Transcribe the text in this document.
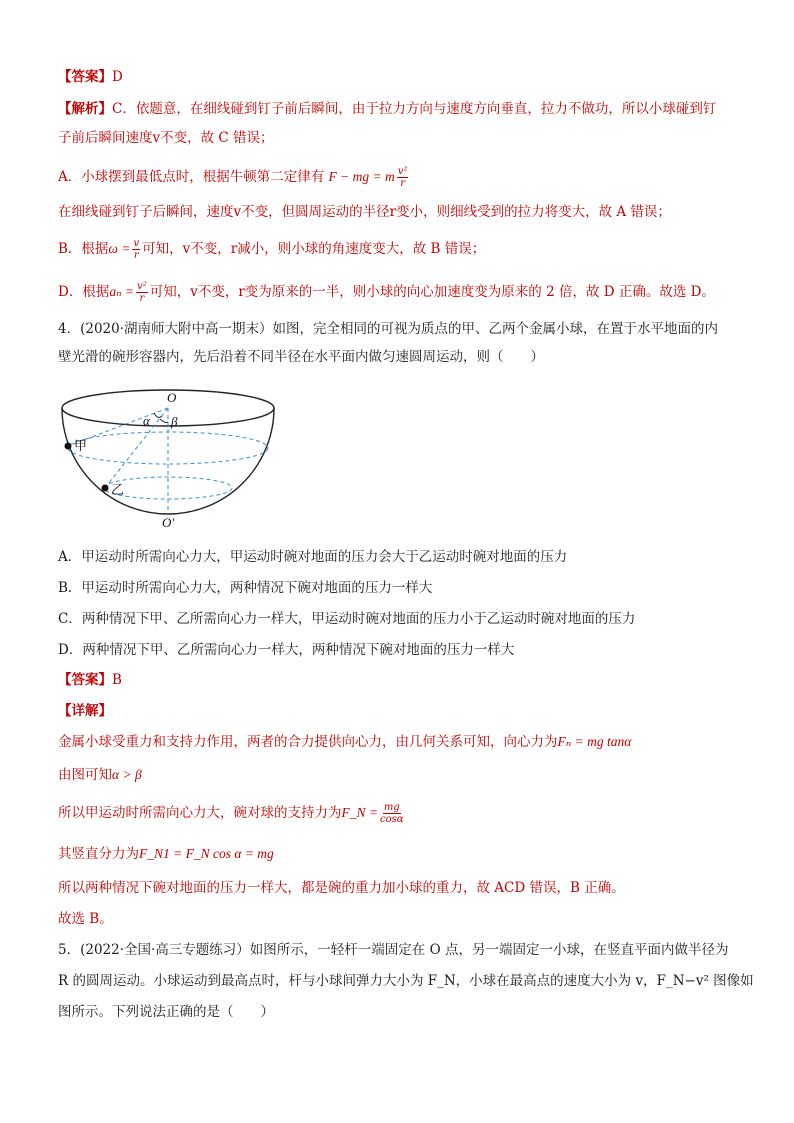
【答案】D
【解析】C．依题意，在细线碰到钉子前后瞬间，由于拉力方向与速度方向垂直，拉力不做功，所以小球碰到钉
子前后瞬间速度v不变，故 C 错误；
A．小球摆到最低点时，根据牛顿第二定律有 F − mg = m $\frac{\text{v²}}{r}$
在细线碰到钉子后瞬间，速度v不变，但圆周运动的半径r变小，则细线受到的拉力将变大，故 A 错误；
B．根据$\omega = \frac{v}{r}$ 可知，v不变，r减小，则小球的角速度变大，故 B 错误；
D．根据$a_n = \frac{\text{v²}}{r}$ 可知，v不变，r变为原来的一半，则小球的向心加速度变为原来的 2 倍，故 D 正确。故选 D。
4．(2020·湖南师大附中高一期末）如图，完全相同的可视为质点的甲、乙两个金属小球，在置于水平地面的内
壁光滑的碗形容器内，先后沿着不同半径在水平面内做匀速圆周运动，则（　　）
O
α β
甲
乙
O′
A．甲运动时所需向心力大，甲运动时碗对地面的压力会大于乙运动时碗对地面的压力
B．甲运动时所需向心力大，两种情况下碗对地面的压力一样大
C．两种情况下甲、乙所需向心力一样大，甲运动时碗对地面的压力小于乙运动时碗对地面的压力
D．两种情况下甲、乙所需向心力一样大，两种情况下碗对地面的压力一样大
【答案】B
【详解】
金属小球受重力和支持力作用，两者的合力提供向心力，由几何关系可知，向心力为Fₙ = mg tanα
由图可知α > β
所以甲运动时所需向心力大，碗对球的支持力为F_N = $\frac{mg}{\cos\alpha}$
其竖直分力为F_N1 = F_N cos α = mg
所以两种情况下碗对地面的压力一样大，都是碗的重力加小球的重力，故 ACD 错误，B 正确。
故选 B。
5．(2022·全国·高三专题练习）如图所示，一轻杆一端固定在 O 点，另一端固定一小球，在竖直平面内做半径为
R 的圆周运动。小球运动到最高点时，杆与小球间弹力大小为 F_N，小球在最高点的速度大小为 v，F_N−v² 图像如
图所示。下列说法正确的是（　　）
